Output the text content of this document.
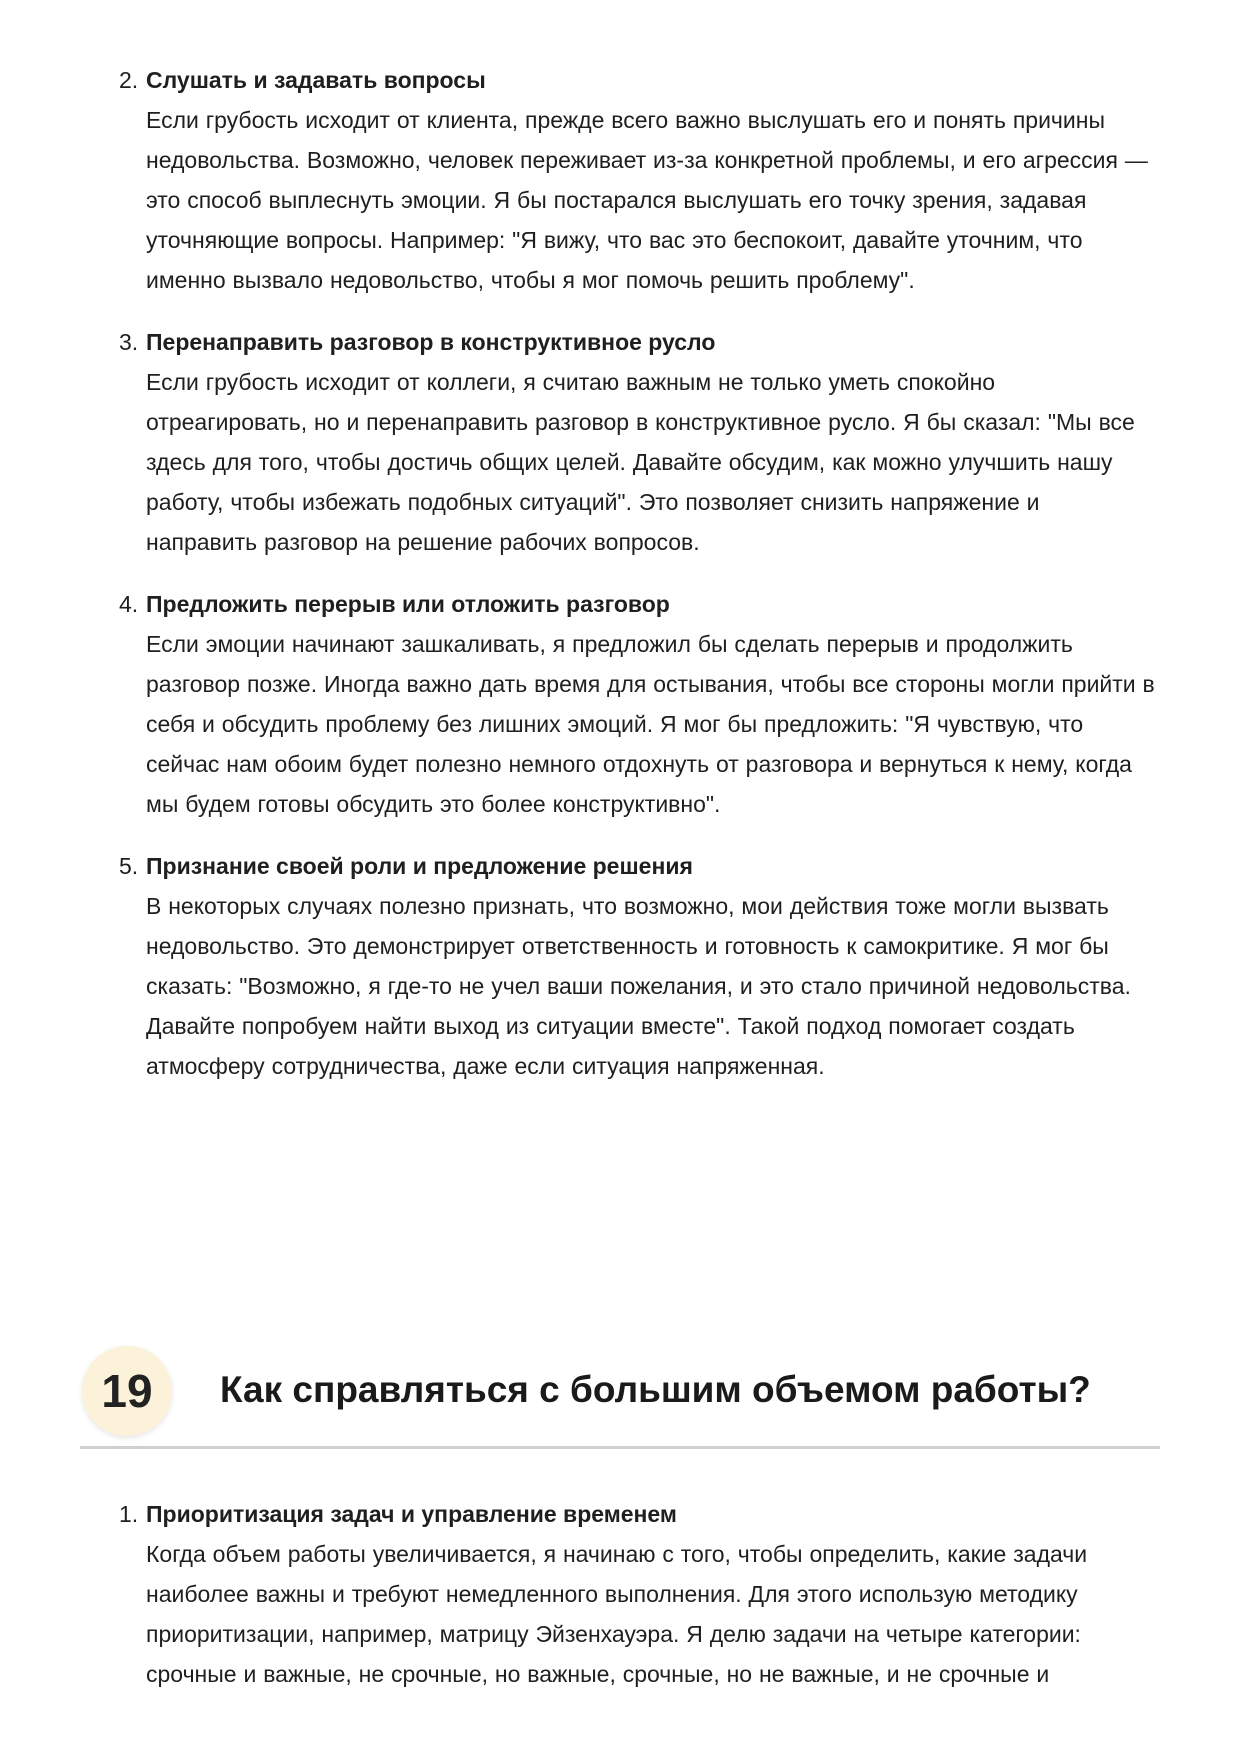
2. Слушать и задавать вопросы
Если грубость исходит от клиента, прежде всего важно выслушать его и понять причины недовольства. Возможно, человек переживает из-за конкретной проблемы, и его агрессия — это способ выплеснуть эмоции. Я бы постарался выслушать его точку зрения, задавая уточняющие вопросы. Например: "Я вижу, что вас это беспокоит, давайте уточним, что именно вызвало недовольство, чтобы я мог помочь решить проблему".
3. Перенаправить разговор в конструктивное русло
Если грубость исходит от коллеги, я считаю важным не только уметь спокойно отреагировать, но и перенаправить разговор в конструктивное русло. Я бы сказал: "Мы все здесь для того, чтобы достичь общих целей. Давайте обсудим, как можно улучшить нашу работу, чтобы избежать подобных ситуаций". Это позволяет снизить напряжение и направить разговор на решение рабочих вопросов.
4. Предложить перерыв или отложить разговор
Если эмоции начинают зашкаливать, я предложил бы сделать перерыв и продолжить разговор позже. Иногда важно дать время для остывания, чтобы все стороны могли прийти в себя и обсудить проблему без лишних эмоций. Я мог бы предложить: "Я чувствую, что сейчас нам обоим будет полезно немного отдохнуть от разговора и вернуться к нему, когда мы будем готовы обсудить это более конструктивно".
5. Признание своей роли и предложение решения
В некоторых случаях полезно признать, что возможно, мои действия тоже могли вызвать недовольство. Это демонстрирует ответственность и готовность к самокритике. Я мог бы сказать: "Возможно, я где-то не учел ваши пожелания, и это стало причиной недовольства. Давайте попробуем найти выход из ситуации вместе". Такой подход помогает создать атмосферу сотрудничества, даже если ситуация напряженная.
19	Как справляться с большим объемом работы?
1. Приоритизация задач и управление временем
Когда объем работы увеличивается, я начинаю с того, чтобы определить, какие задачи наиболее важны и требуют немедленного выполнения. Для этого использую методику приоритизации, например, матрицу Эйзенхауэра. Я делю задачи на четыре категории: срочные и важные, не срочные, но важные, срочные, но не важные, и не срочные и
